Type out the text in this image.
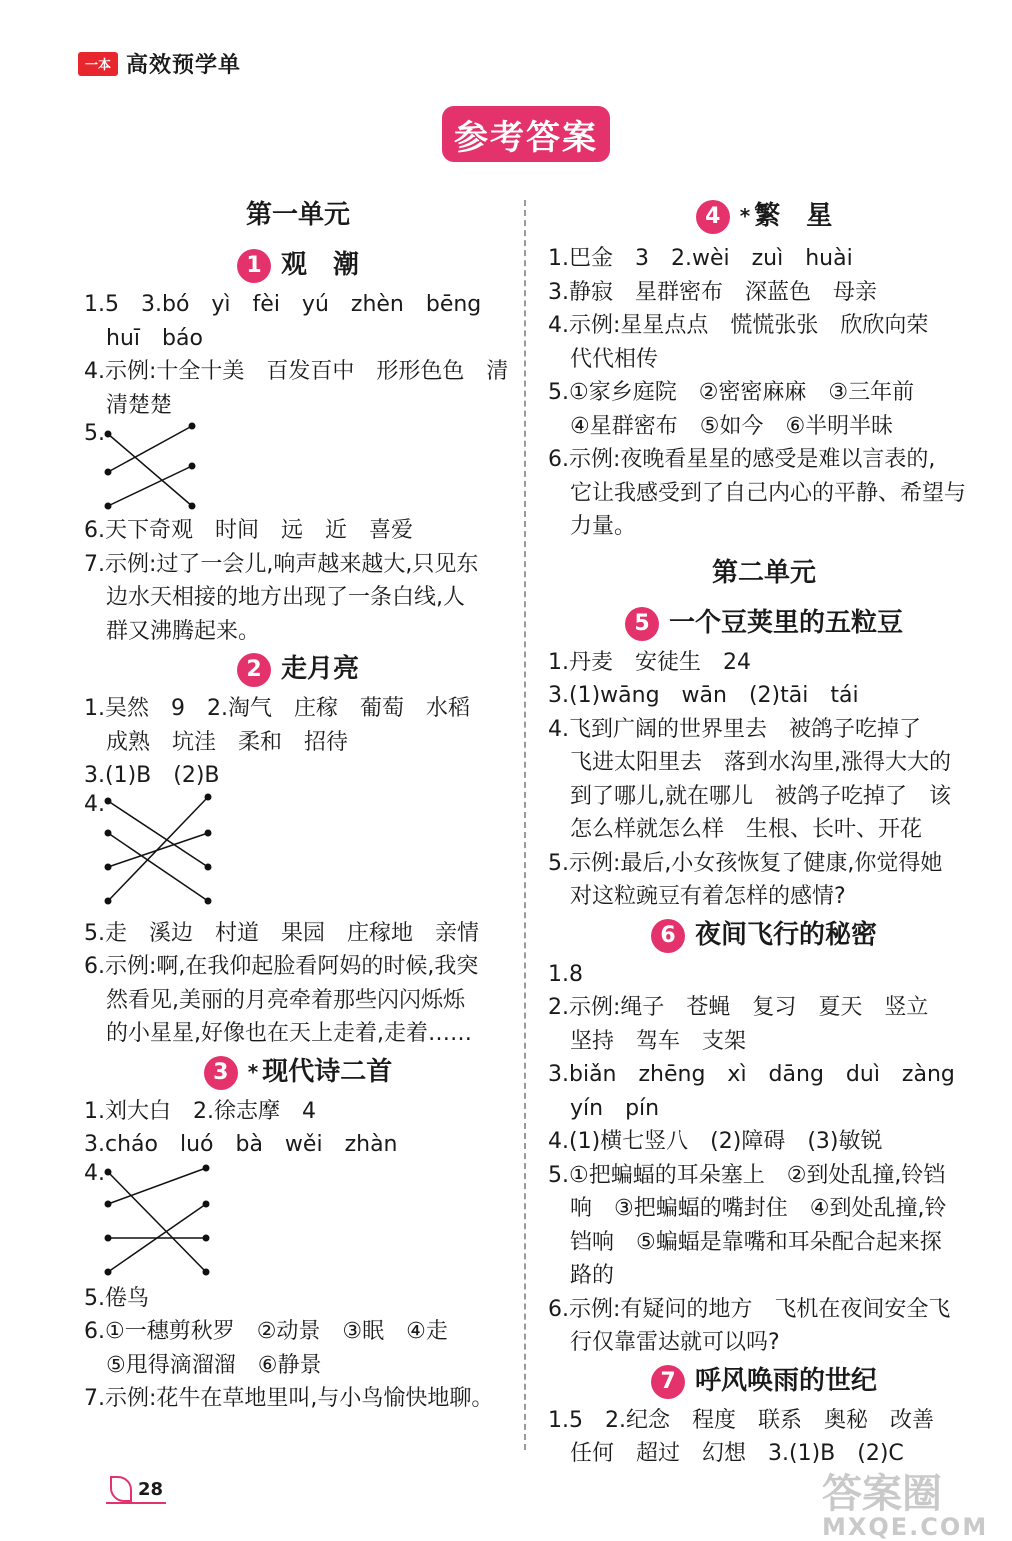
一本 高效预学单
参考答案
第一单元
1 观　潮
1.5　3.bó　yì　fèi　yú　zhèn　bēng
huī　báo
4.示例:十全十美　百发百中　形形色色　清
清楚楚
5.
6.天下奇观　时间　远　近　喜爱
7.示例:过了一会儿,响声越来越大,只见东
边水天相接的地方出现了一条白线,人
群又沸腾起来。
2 走月亮
1.吴然　9　2.淘气　庄稼　葡萄　水稻
成熟　坑洼　柔和　招待
3.(1)B　(2)B
4.
5.走　溪边　村道　果园　庄稼地　亲情
6.示例:啊,在我仰起脸看阿妈的时候,我突
然看见,美丽的月亮牵着那些闪闪烁烁
的小星星,好像也在天上走着,走着……
3 * 现代诗二首
1.刘大白　2.徐志摩　4
3.cháo　luó　bà　wěi　zhàn
4.
5.倦鸟
6.①一穗剪秋罗　②动景　③眠　④走
⑤甩得滴溜溜　⑥静景
7.示例:花牛在草地里叫,与小鸟愉快地聊。
4 * 繁　星
1.巴金　3　2.wèi　zuì　huài
3.静寂　星群密布　深蓝色　母亲
4.示例:星星点点　慌慌张张　欣欣向荣
代代相传
5.①家乡庭院　②密密麻麻　③三年前
④星群密布　⑤如今　⑥半明半昧
6.示例:夜晚看星星的感受是难以言表的,
它让我感受到了自己内心的平静、希望与
力量。
第二单元
5 一个豆荚里的五粒豆
1.丹麦　安徒生　24
3.(1)wāng　wān　(2)tāi　tái
4.飞到广阔的世界里去　被鸽子吃掉了
飞进太阳里去　落到水沟里,涨得大大的
到了哪儿,就在哪儿　被鸽子吃掉了　该
怎么样就怎么样　生根、长叶、开花
5.示例:最后,小女孩恢复了健康,你觉得她
对这粒豌豆有着怎样的感情?
6 夜间飞行的秘密
1.8
2.示例:绳子　苍蝇　复习　夏天　竖立
坚持　驾车　支架
3.biǎn　zhēng　xì　dāng　duì　zàng
yín　pín
4.(1)横七竖八　(2)障碍　(3)敏锐
5.①把蝙蝠的耳朵塞上　②到处乱撞,铃铛
响　③把蝙蝠的嘴封住　④到处乱撞,铃
铛响　⑤蝙蝠是靠嘴和耳朵配合起来探
路的
6.示例:有疑问的地方　飞机在夜间安全飞
行仅靠雷达就可以吗?
7 呼风唤雨的世纪
1.5　2.纪念　程度　联系　奥秘　改善
任何　超过　幻想　3.(1)B　(2)C
28	答案圈
MXQE.COM
